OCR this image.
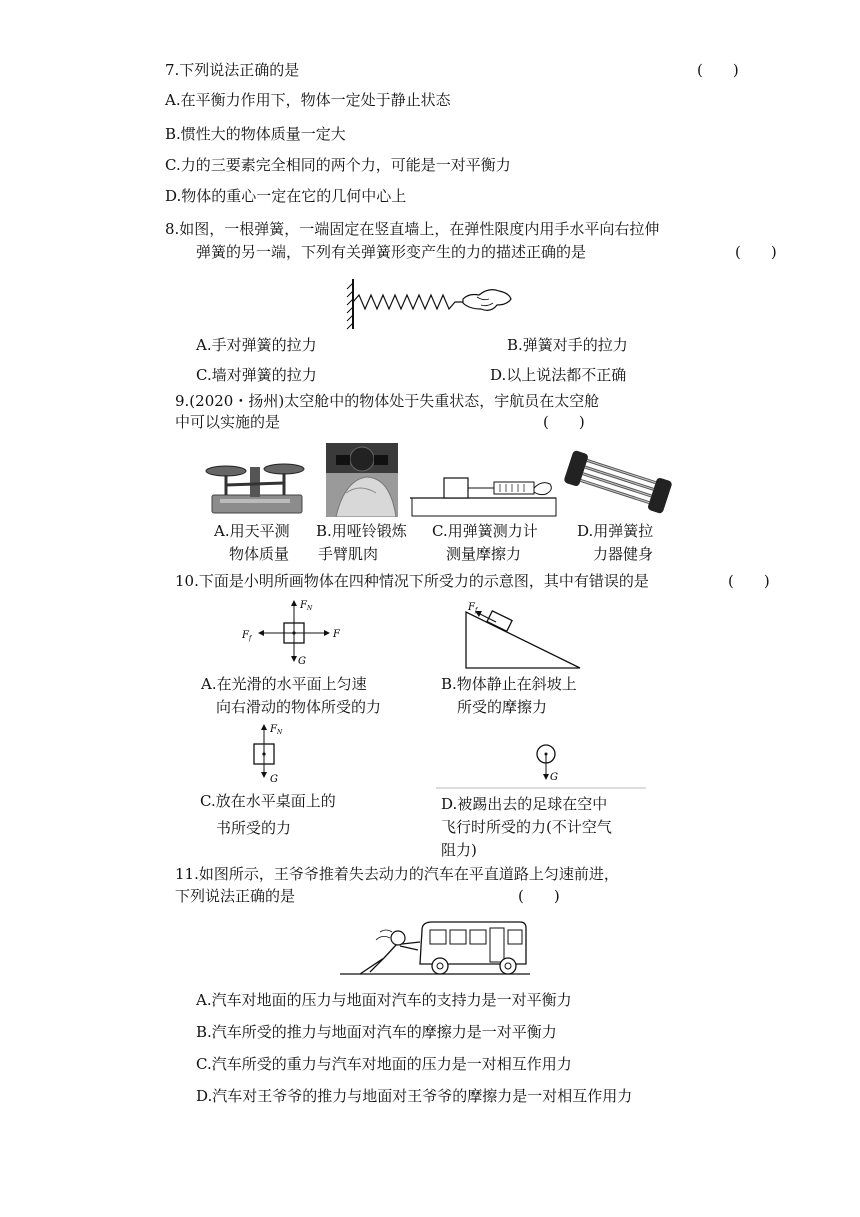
7.下列说法正确的是	(　　)
A.在平衡力作用下，物体一定处于静止状态
B.惯性大的物体质量一定大
C.力的三要素完全相同的两个力，可能是一对平衡力
D.物体的重心一定在它的几何中心上
8.如图，一根弹簧，一端固定在竖直墙上，在弹性限度内用手水平向右拉伸
弹簧的另一端，下列有关弹簧形变产生的力的描述正确的是	(　　)
A.手对弹簧的拉力	B.弹簧对手的拉力
C.墙对弹簧的拉力	D.以上说法都不正确
9.(2020・扬州)太空舱中的物体处于失重状态，宇航员在太空舱
中可以实施的是	(　　)
A.用天平测
物体质量
B.用哑铃锻炼
手臂肌肉
C.用弹簧测力计
测量摩擦力
D.用弹簧拉
力器健身
10.下面是小明所画物体在四种情况下所受力的示意图，其中有错误的是	(　　)
$F_N$
$F_f$	F
G
$F_f$
A.在光滑的水平面上匀速
向右滑动的物体所受的力
B.物体静止在斜坡上
所受的摩擦力
$F_N$
G	G
C.放在水平桌面上的
书所受的力
D.被踢出去的足球在空中
飞行时所受的力(不计空气
阻力)
11.如图所示，王爷爷推着失去动力的汽车在平直道路上匀速前进，
下列说法正确的是	(　　)
A.汽车对地面的压力与地面对汽车的支持力是一对平衡力
B.汽车所受的推力与地面对汽车的摩擦力是一对平衡力
C.汽车所受的重力与汽车对地面的压力是一对相互作用力
D.汽车对王爷爷的推力与地面对王爷爷的摩擦力是一对相互作用力
